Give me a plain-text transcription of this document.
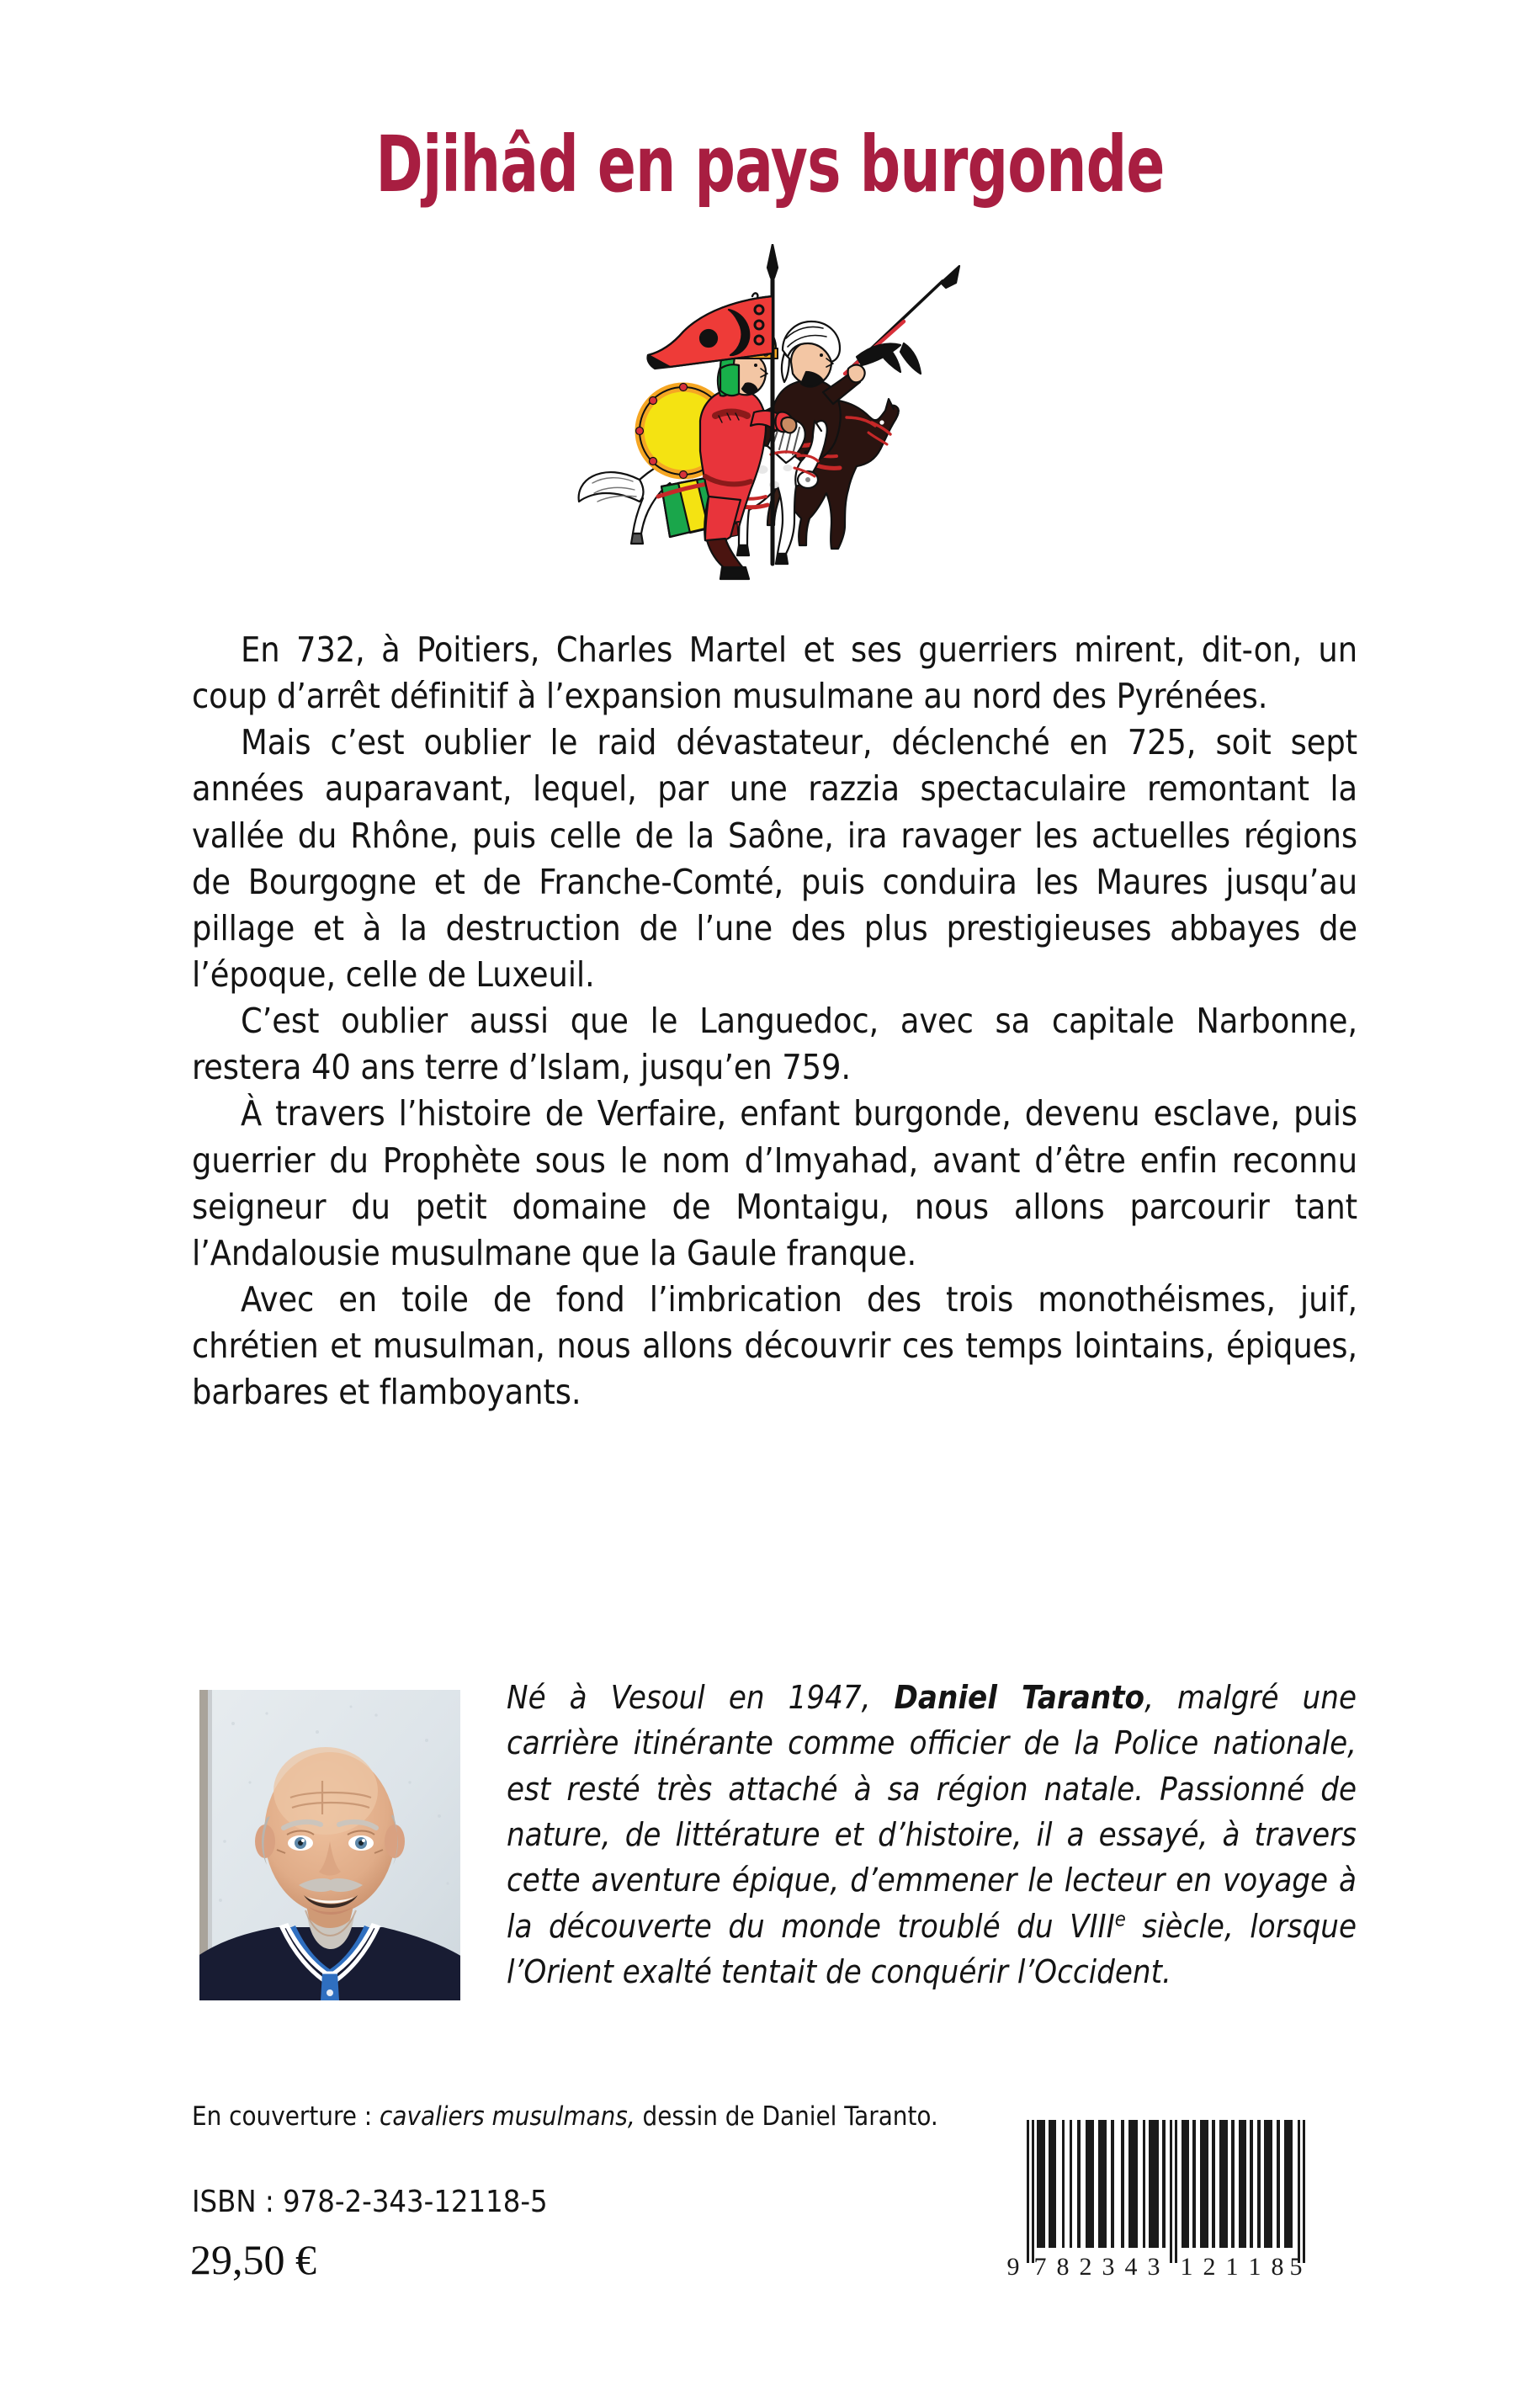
Djihâd en pays burgonde

En 732, à Poitiers, Charles Martel et ses guerriers mirent, dit-on, un coup d’arrêt définitif à l’expansion musulmane au nord des Pyrénées.

Mais c’est oublier le raid dévastateur, déclenché en 725, soit sept années auparavant, lequel, par une razzia spectaculaire remontant la vallée du Rhône, puis celle de la Saône, ira ravager les actuelles régions de Bourgogne et de Franche-Comté, puis conduira les Maures jusqu’au pillage et à la destruction de l’une des plus prestigieuses abbayes de l’époque, celle de Luxeuil.

C’est oublier aussi que le Languedoc, avec sa capitale Narbonne, restera 40 ans terre d’Islam, jusqu’en 759.

À travers l’histoire de Verfaire, enfant burgonde, devenu esclave, puis guerrier du Prophète sous le nom d’Imyahad, avant d’être enfin reconnu seigneur du petit domaine de Montaigu, nous allons parcourir tant l’Andalousie musulmane que la Gaule franque.

Avec en toile de fond l’imbrication des trois monothéismes, juif, chrétien et musulman, nous allons découvrir ces temps lointains, épiques, barbares et flamboyants.

Né à Vesoul en 1947, Daniel Taranto, malgré une carrière itinérante comme officier de la Police nationale, est resté très attaché à sa région natale. Passionné de nature, de littérature et d’histoire, il a essayé, à travers cette aventure épique, d’emmener le lecteur en voyage à la découverte du monde troublé du VIIIe siècle, lorsque l’Orient exalté tentait de conquérir l’Occident.
En couverture : cavaliers musulmans, dessin de Daniel Taranto.
ISBN : 978-2-343-12118-5
29,50 €	9 7 8 2 3 4 3 1 2 1 1 8 5
